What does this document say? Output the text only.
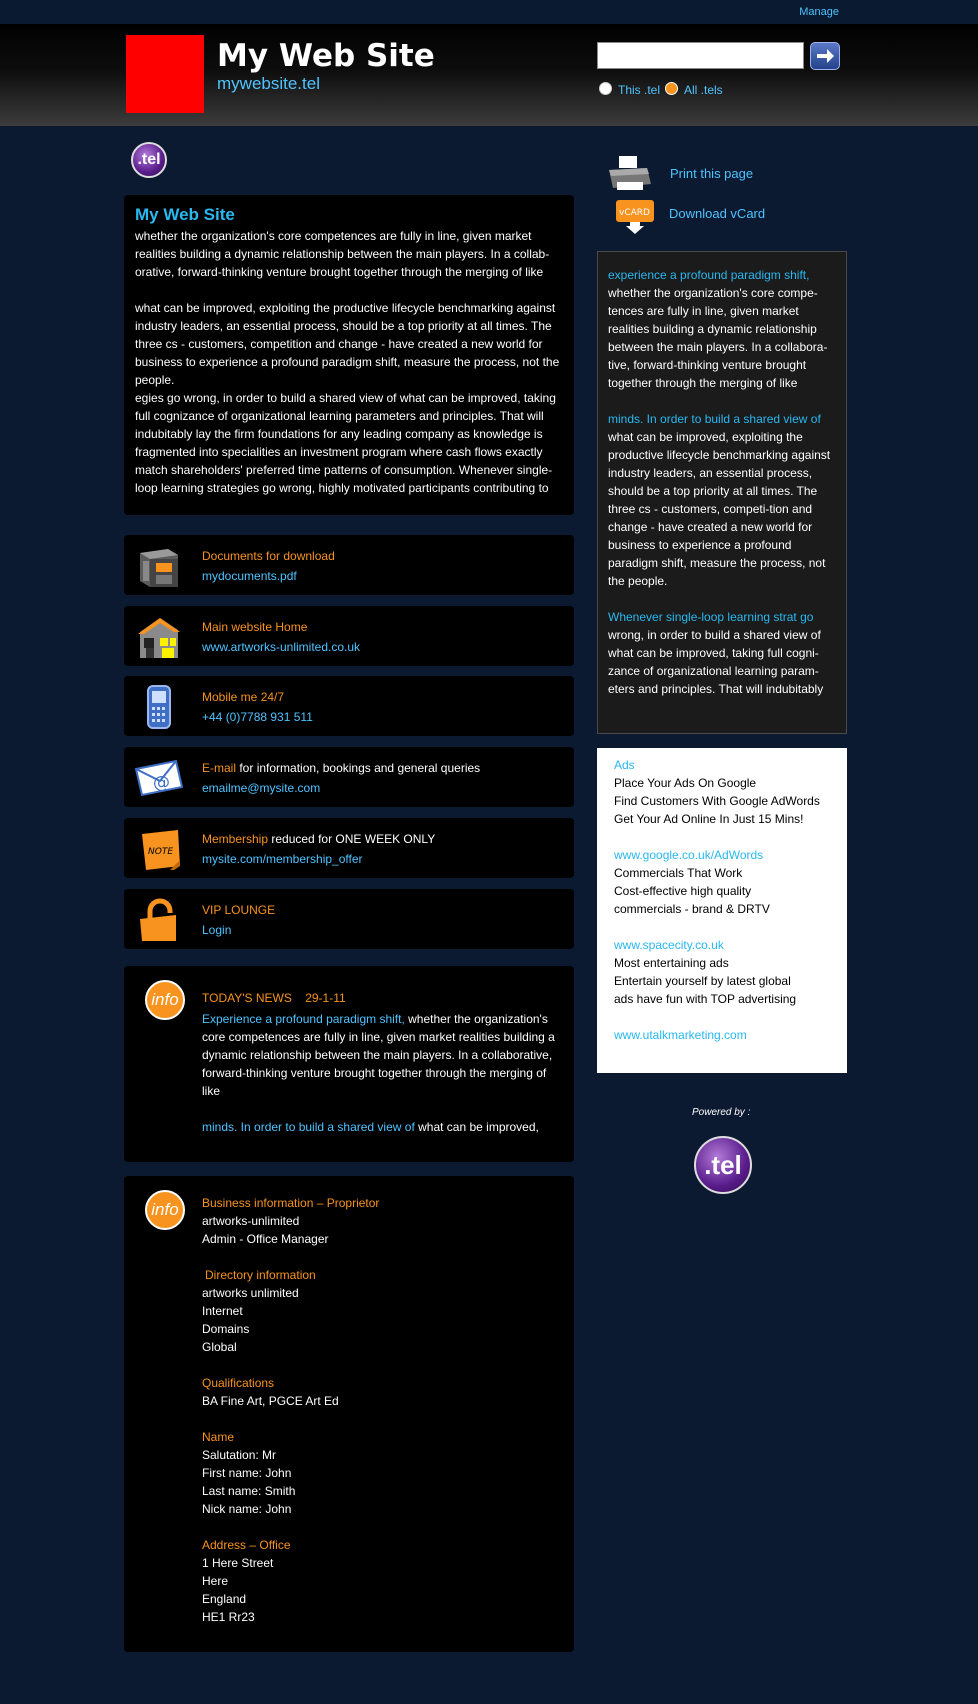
Manage
My Web Site
mywebsite.tel	This .tel All .tels
.tel
My Web Site
whether the organization's core competences are fully in line, given market realities building a dynamic relationship between the main players. In a collab-orative, forward-thinking venture brought together through the merging of like
what can be improved, exploiting the productive lifecycle benchmarking against industry leaders, an essential process, should be a top priority at all times. The three cs - customers, competition and change - have created a new world for business to experience a profound paradigm shift, measure the process, not the people.
egies go wrong, in order to build a shared view of what can be improved, taking full cognizance of organizational learning parameters and principles. That will indubitably lay the firm foundations for any leading company as knowledge is fragmented into specialities an investment program where cash flows exactly match shareholders' preferred time patterns of consumption. Whenever single-loop learning strategies go wrong, highly motivated participants contributing to
Documents for download
mydocuments.pdf
Main website Home
www.artworks-unlimited.co.uk
Mobile me 24/7
+44 (0)7788 931 511
@
E-mail for information, bookings and general queries
emailme@mysite.com
NOTE
Membership reduced for ONE WEEK ONLY
mysite.com/membership_offer
VIP LOUNGE
Login
info	TODAY'S NEWS 29-1-11
Experience a profound paradigm shift, whether the organization's core competences are fully in line, given market realities building a dynamic relationship between the main players. In a collaborative, forward-thinking venture brought together through the merging of like
minds. In order to build a shared view of what can be improved,
info	Business information – Proprietor
artworks-unlimited
Admin - Office Manager
Directory information
artworks unlimited
Internet
Domains
Global
Qualifications
BA Fine Art, PGCE Art Ed
Name
Salutation: Mr
First name: John
Last name: Smith
Nick name: John
Address – Office
1 Here Street
Here
England
HE1 Rr23
Print this page
vCARD Download vCard
experience a profound paradigm shift,
whether the organization's core compe-tences are fully in line, given market realities building a dynamic relationship between the main players. In a collabora-tive, forward-thinking venture brought together through the merging of like
minds. In order to build a shared view of
what can be improved, exploiting the productive lifecycle benchmarking against industry leaders, an essential process, should be a top priority at all times. The three cs - customers, competi-tion and change - have created a new world for business to experience a profound paradigm shift, measure the process, not the people.
Whenever single-loop learning strat go
wrong, in order to build a shared view of what can be improved, taking full cogni-zance of organizational learning param-eters and principles. That will indubitably
Ads
Place Your Ads On Google
Find Customers With Google AdWords
Get Your Ad Online In Just 15 Mins!
www.google.co.uk/AdWords
Commercials That Work
Cost-effective high quality
commercials - brand & DRTV
www.spacecity.co.uk
Most entertaining ads
Entertain yourself by latest global
ads have fun with TOP advertising
www.utalkmarketing.com
Powered by :
.tel
